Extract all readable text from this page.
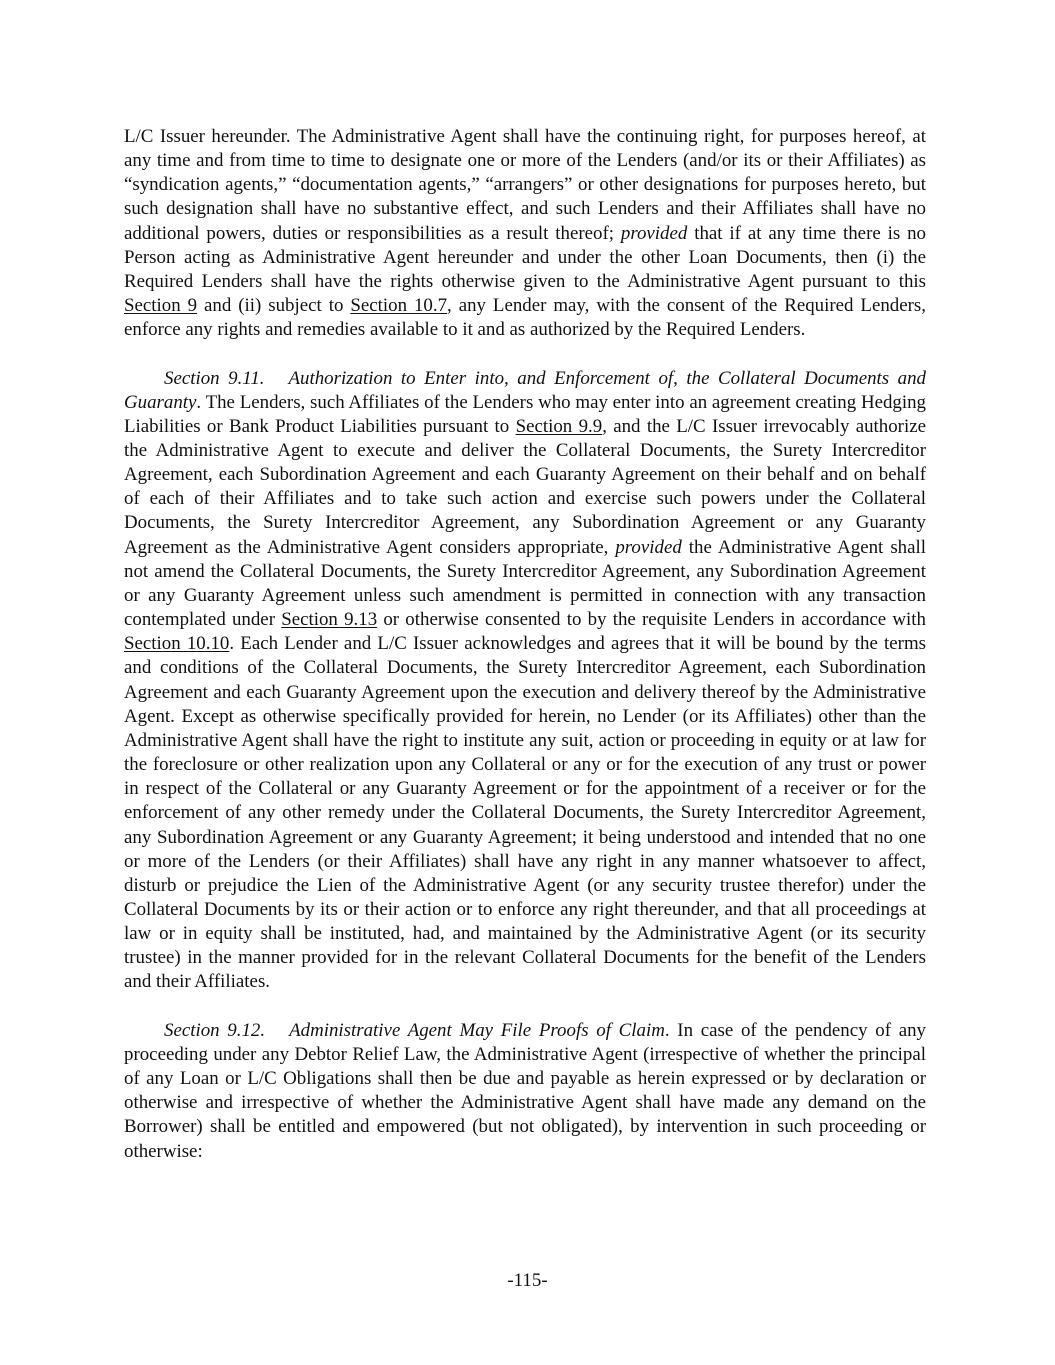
L/C Issuer hereunder. The Administrative Agent shall have the continuing right, for purposes hereof, at any time and from time to time to designate one or more of the Lenders (and/or its or their Affiliates) as “syndication agents,” “documentation agents,” “arrangers” or other designations for purposes hereto, but such designation shall have no substantive effect, and such Lenders and their Affiliates shall have no additional powers, duties or responsibilities as a result thereof; provided that if at any time there is no Person acting as Administrative Agent hereunder and under the other Loan Documents, then (i) the Required Lenders shall have the rights otherwise given to the Administrative Agent pursuant to this Section 9 and (ii) subject to Section 10.7, any Lender may, with the consent of the Required Lenders, enforce any rights and remedies available to it and as authorized by the Required Lenders.

Section 9.11. Authorization to Enter into, and Enforcement of, the Collateral Documents and Guaranty. The Lenders, such Affiliates of the Lenders who may enter into an agreement creating Hedging Liabilities or Bank Product Liabilities pursuant to Section 9.9, and the L/C Issuer irrevocably authorize the Administrative Agent to execute and deliver the Collateral Documents, the Surety Intercreditor Agreement, each Subordination Agreement and each Guaranty Agreement on their behalf and on behalf of each of their Affiliates and to take such action and exercise such powers under the Collateral Documents, the Surety Intercreditor Agreement, any Subordination Agreement or any Guaranty Agreement as the Administrative Agent considers appropriate, provided the Administrative Agent shall not amend the Collateral Documents, the Surety Intercreditor Agreement, any Subordination Agreement or any Guaranty Agreement unless such amendment is permitted in connection with any transaction contemplated under Section 9.13 or otherwise consented to by the requisite Lenders in accordance with Section 10.10. Each Lender and L/C Issuer acknowledges and agrees that it will be bound by the terms and conditions of the Collateral Documents, the Surety Intercreditor Agreement, each Subordination Agreement and each Guaranty Agreement upon the execution and delivery thereof by the Administrative Agent. Except as otherwise specifically provided for herein, no Lender (or its Affiliates) other than the Administrative Agent shall have the right to institute any suit, action or proceeding in equity or at law for the foreclosure or other realization upon any Collateral or any or for the execution of any trust or power in respect of the Collateral or any Guaranty Agreement or for the appointment of a receiver or for the enforcement of any other remedy under the Collateral Documents, the Surety Intercreditor Agreement, any Subordination Agreement or any Guaranty Agreement; it being understood and intended that no one or more of the Lenders (or their Affiliates) shall have any right in any manner whatsoever to affect, disturb or prejudice the Lien of the Administrative Agent (or any security trustee therefor) under the Collateral Documents by its or their action or to enforce any right thereunder, and that all proceedings at law or in equity shall be instituted, had, and maintained by the Administrative Agent (or its security trustee) in the manner provided for in the relevant Collateral Documents for the benefit of the Lenders and their Affiliates.

Section 9.12. Administrative Agent May File Proofs of Claim. In case of the pendency of any proceeding under any Debtor Relief Law, the Administrative Agent (irrespective of whether the principal of any Loan or L/C Obligations shall then be due and payable as herein expressed or by declaration or otherwise and irrespective of whether the Administrative Agent shall have made any demand on the Borrower) shall be entitled and empowered (but not obligated), by intervention in such proceeding or otherwise:

-115-
